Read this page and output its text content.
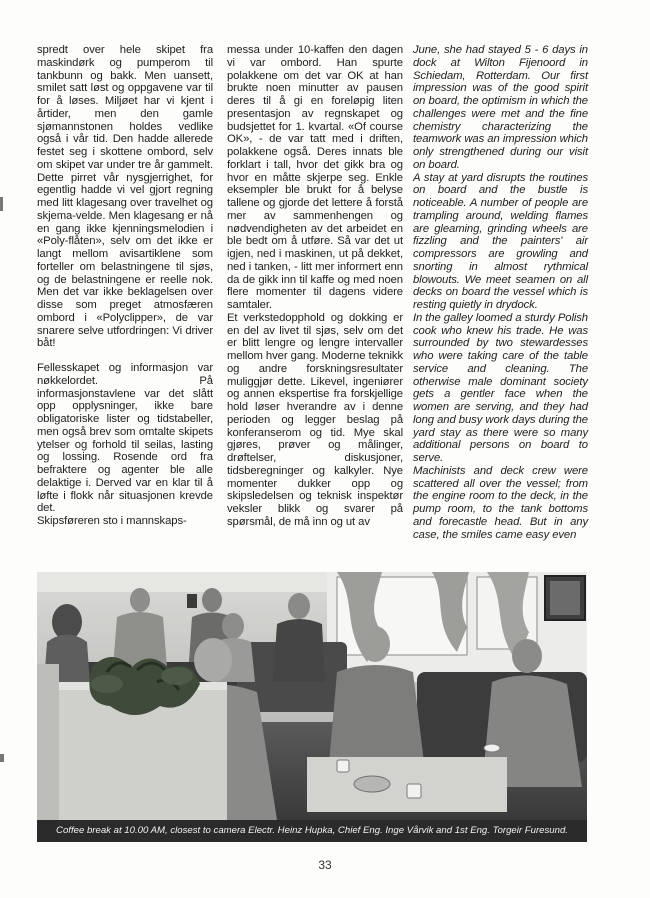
spredt over hele skipet fra maskindørk og pumperom til tankbunn og bakk. Men uansett, smilet satt løst og oppgavene var til for å løses. Miljøet har vi kjent i årtider, men den gamle sjømannstonen holdes vedlike også i vår tid. Den hadde allerede festet seg i skottene ombord, selv om skipet var under tre år gammelt. Dette pirret vår nysgjerrighet, for egentlig hadde vi vel gjort regning med litt klagesang over travelhet og skjema-velde. Men klagesang er nå en gang ikke kjenningsmelodien i «Poly-flåten», selv om det ikke er langt mellom avisartiklene som forteller om belastningene til sjøs, og de belastningene er reelle nok. Men det var ikke beklagelsen over disse som preget atmosfæren ombord i «Polyclipper», de var snarere selve utfordringen: Vi driver båt!

Fellesskapet og informasjon var nøkkelordet. På informasjonstavlene var det slått opp opplysninger, ikke bare obligatoriske lister og tidstabeller, men også brev som omtalte skipets ytelser og forhold til seilas, lasting og lossing. Rosende ord fra befraktere og agenter ble alle delaktige i. Derved var en klar til å løfte i flokk når situasjonen krevde det.

Skipsføreren sto i mannskaps-

messa under 10-kaffen den dagen vi var ombord. Han spurte polakkene om det var OK at han brukte noen minutter av pausen deres til å gi en foreløpig liten presentasjon av regnskapet og budsjettet for 1. kvartal. «Of course OK», - de var tatt med i driften, polakkene også. Deres innats ble forklart i tall, hvor det gikk bra og hvor en måtte skjerpe seg. Enkle eksempler ble brukt for å belyse tallene og gjorde det lettere å forstå mer av sammenhengen og nødvendigheten av det arbeidet en ble bedt om å utføre. Så var det ut igjen, ned i maskinen, ut på dekket, ned i tanken, - litt mer informert enn da de gikk inn til kaffe og med noen flere momenter til dagens videre samtaler.

Et verkstedopphold og dokking er en del av livet til sjøs, selv om det er blitt lengre og lengre intervaller mellom hver gang. Moderne teknikk og andre forskningsresultater muliggjør dette. Likevel, ingeniører og annen ekspertise fra forskjellige hold løser hverandre av i denne perioden og legger beslag på konferanserom og tid. Mye skal gjøres, prøver og målinger, drøftelser, diskusjoner, tidsberegninger og kalkyler. Nye momenter dukker opp og skipsledelsen og teknisk inspektør veksler blikk og svarer på spørsmål, de må inn og ut av

June, she had stayed 5 - 6 days in dock at Wilton Fijenoord in Schiedam, Rotterdam. Our first impression was of the good spirit on board, the optimism in which the challenges were met and the fine chemistry characterizing the teamwork was an impression which only strengthened during our visit on board.

A stay at yard disrupts the routines on board and the bustle is noticeable. A number of people are trampling around, welding flames are gleaming, grinding wheels are fizzling and the painters' air compressors are growling and snorting in almost rythmical blowouts. We meet seamen on all decks on board the vessel which is resting quietly in drydock.

In the galley loomed a sturdy Polish cook who knew his trade. He was surrounded by two stewardesses who were taking care of the table service and cleaning. The otherwise male dominant society gets a gentler face when the women are serving, and they had long and busy work days during the yard stay as there were so many additional persons on board to serve.

Machinists and deck crew were scattered all over the vessel; from the engine room to the deck, in the pump room, to the tank bottoms and forecastle head. But in any case, the smiles came easy even

Coffee break at 10.00 AM, closest to camera Electr. Heinz Hupka, Chief Eng. Inge Vårvik and 1st Eng. Torgeir Furesund.
33
